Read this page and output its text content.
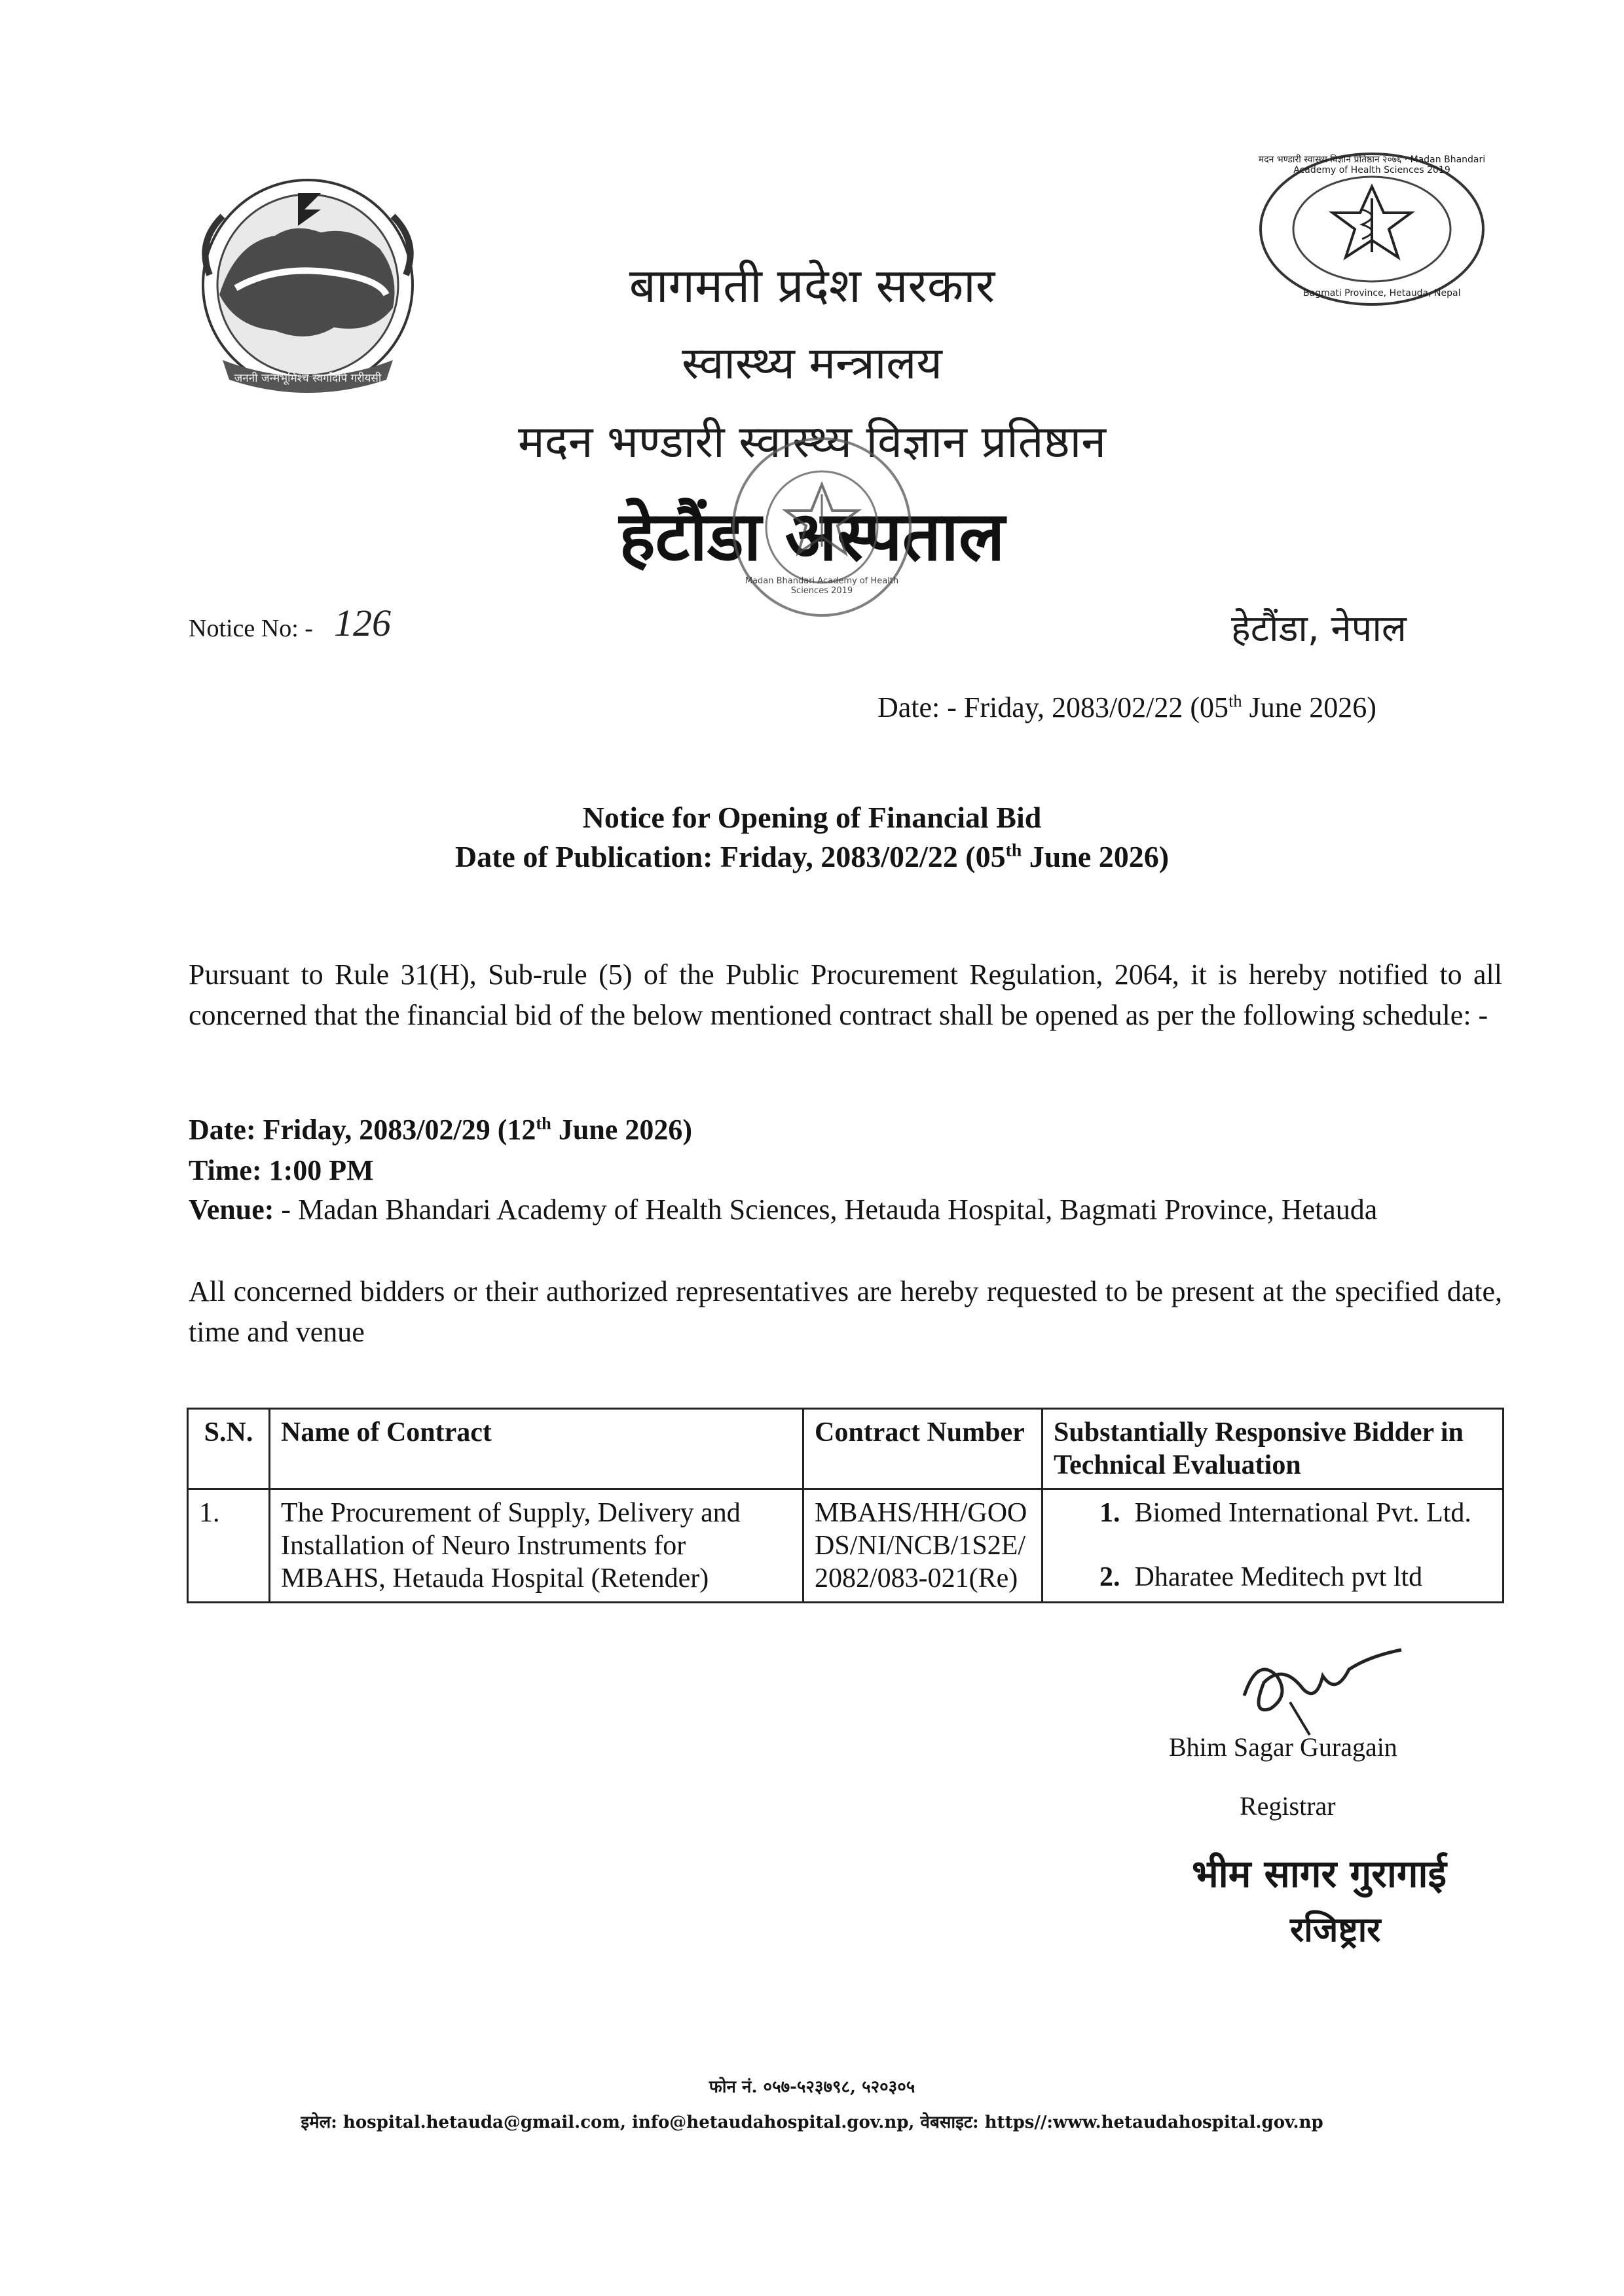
जननी जन्मभूमिश्च स्वर्गादपि गरीयसी
मदन भण्डारी स्वास्थ्य विज्ञान प्रतिष्ठान २०७६ · Madan Bhandari Academy of Health Sciences 2019
Bagmati Province, Hetauda, Nepal
बागमती प्रदेश सरकार
स्वास्थ्य मन्त्रालय
मदन भण्डारी स्वास्थ्य विज्ञान प्रतिष्ठान
हेटौंडा अस्पताल
Madan Bhandari Academy of Health Sciences 2019
Notice No: - 126	हेटौंडा, नेपाल
Date: - Friday, 2083/02/22 (05th June 2026)
Notice for Opening of Financial Bid
Date of Publication: Friday, 2083/02/22 (05th June 2026)
Pursuant to Rule 31(H), Sub-rule (5) of the Public Procurement Regulation, 2064, it is hereby notified to all concerned that the financial bid of the below mentioned contract shall be opened as per the following schedule: -
Date: Friday, 2083/02/29 (12th June 2026)
Time: 1:00 PM
Venue: - Madan Bhandari Academy of Health Sciences, Hetauda Hospital, Bagmati Province, Hetauda
All concerned bidders or their authorized representatives are hereby requested to be present at the specified date, time and venue
S.N.	Name of Contract	Contract Number	Substantially Responsive Bidder in Technical Evaluation
1.	The Procurement of Supply, Delivery and Installation of Neuro Instruments for MBAHS, Hetauda Hospital (Retender)	MBAHS/HH/GOODS/NI/NCB/1S2E/2082/083-021(Re)	1. Biomed International Pvt. Ltd.
2. Dharatee Meditech pvt ltd
Bhim Sagar Guragain
Registrar
भीम सागर गुरागाई
रजिष्ट्रार
फोन नं. ०५७-५२३७९८, ५२०३०५
इमेल: hospital.hetauda@gmail.com, info@hetaudahospital.gov.np, वेबसाइट: https//:www.hetaudahospital.gov.np
